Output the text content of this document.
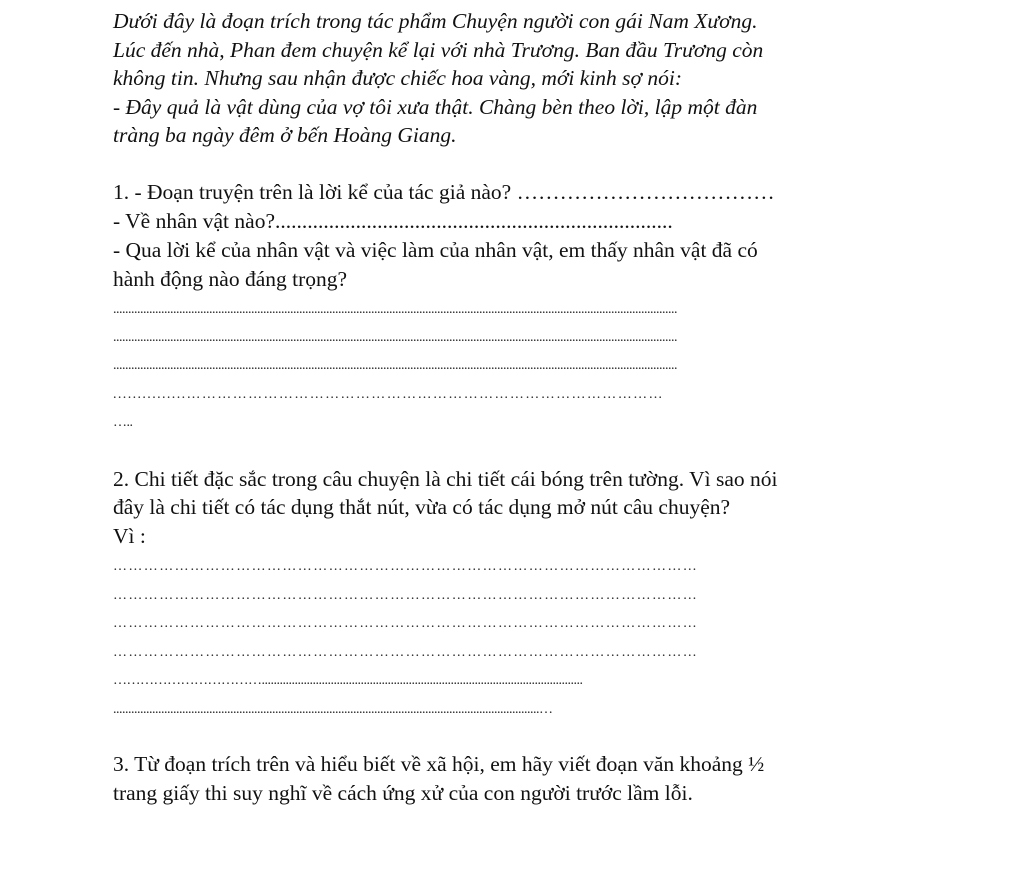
Dưới đây là đoạn trích trong tác phẩm Chuyện người con gái Nam Xương.
Lúc đến nhà, Phan đem chuyện kể lại với nhà Trương. Ban đầu Trương còn
không tin. Nhưng sau nhận được chiếc hoa vàng, mới kinh sợ nói:
- Đây quả là vật dùng của vợ tôi xưa thật. Chàng bèn theo lời, lập một đàn
tràng ba ngày đêm ở bến Hoàng Giang.
1. - Đoạn truyện trên là lời kể của tác giả nào? ………………………………
- Về nhân vật nào?..........................................................................
- Qua lời kể của nhân vật và việc làm của nhân vật, em thấy nhân vật đã có
hành động nào đáng trọng?
............................................................................................................................................................................................
............................................................................................................................................................................................
............................................................................................................................................................................................
...............…………………………………………………………………………………
…..
2. Chi tiết đặc sắc trong câu chuyện là chi tiết cái bóng trên tường. Vì sao nói
đây là chi tiết có tác dụng thắt nút, vừa có tác dụng mở nút câu chuyện?
Vì :
……………………………………………………………………………………………………
……………………………………………………………………………………………………
……………………………………………………………………………………………………
……………………………………………………………………………………………………
……………………………...........................................................................................................
..............................................................................................................................................…
3. Từ đoạn trích trên và hiểu biết về xã hội, em hãy viết đoạn văn khoảng ½
trang giấy thi suy nghĩ về cách ứng xử của con người trước lầm lỗi.
